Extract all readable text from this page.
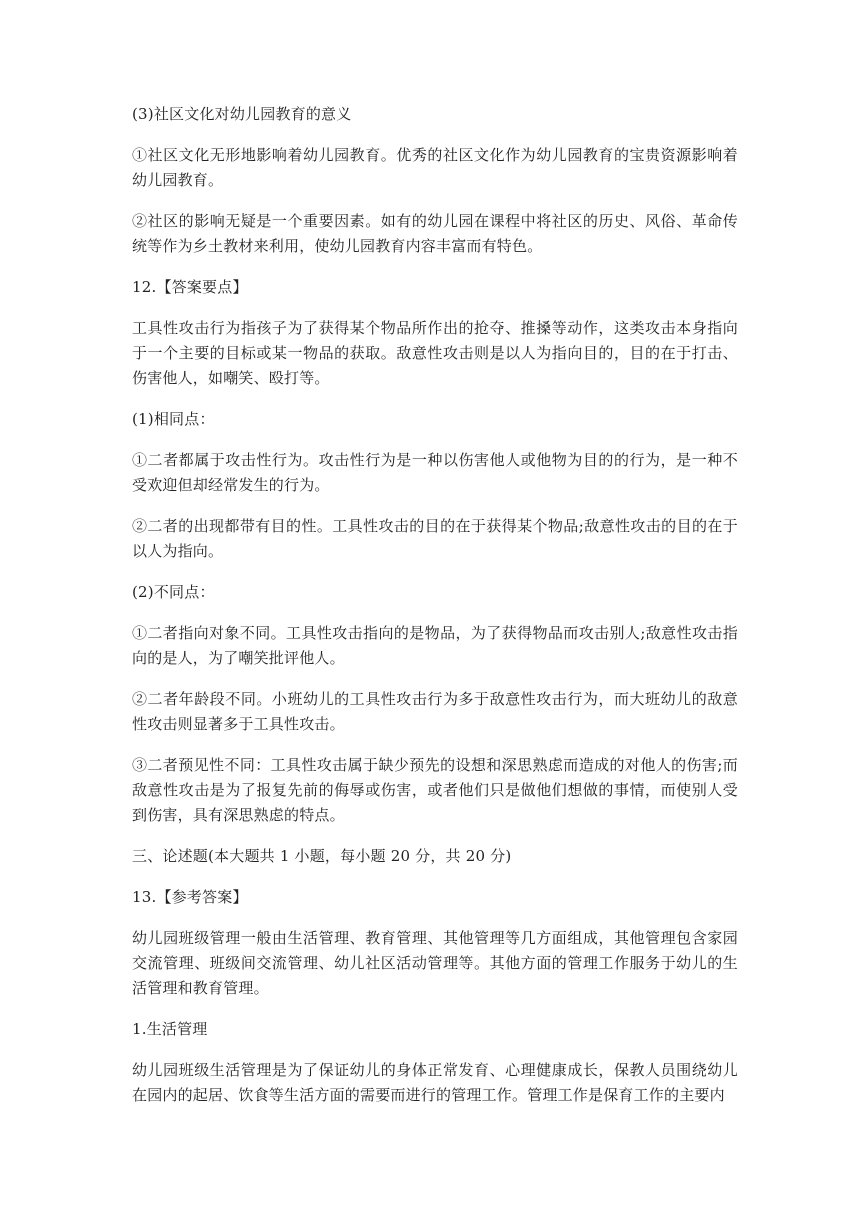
(3)社区文化对幼儿园教育的意义

①社区文化无形地影响着幼儿园教育。优秀的社区文化作为幼儿园教育的宝贵资源影响着幼儿园教育。

②社区的影响无疑是一个重要因素。如有的幼儿园在课程中将社区的历史、风俗、革命传统等作为乡土教材来利用，使幼儿园教育内容丰富而有特色。

12.【答案要点】

工具性攻击行为指孩子为了获得某个物品所作出的抢夺、推搡等动作，这类攻击本身指向于一个主要的目标或某一物品的获取。敌意性攻击则是以人为指向目的，目的在于打击、伤害他人，如嘲笑、殴打等。

(1)相同点：

①二者都属于攻击性行为。攻击性行为是一种以伤害他人或他物为目的的行为，是一种不受欢迎但却经常发生的行为。

②二者的出现都带有目的性。工具性攻击的目的在于获得某个物品;敌意性攻击的目的在于以人为指向。

(2)不同点：

①二者指向对象不同。工具性攻击指向的是物品，为了获得物品而攻击别人;敌意性攻击指向的是人，为了嘲笑批评他人。

②二者年龄段不同。小班幼儿的工具性攻击行为多于敌意性攻击行为，而大班幼儿的敌意性攻击则显著多于工具性攻击。

③二者预见性不同：工具性攻击属于缺少预先的设想和深思熟虑而造成的对他人的伤害;而敌意性攻击是为了报复先前的侮辱或伤害，或者他们只是做他们想做的事情，而使别人受到伤害，具有深思熟虑的特点。

三、论述题(本大题共 1 小题，每小题 20 分，共 20 分)

13.【参考答案】

幼儿园班级管理一般由生活管理、教育管理、其他管理等几方面组成，其他管理包含家园交流管理、班级间交流管理、幼儿社区活动管理等。其他方面的管理工作服务于幼儿的生活管理和教育管理。

1.生活管理

幼儿园班级生活管理是为了保证幼儿的身体正常发育、心理健康成长，保教人员围绕幼儿在园内的起居、饮食等生活方面的需要而进行的管理工作。管理工作是保育工作的主要内
